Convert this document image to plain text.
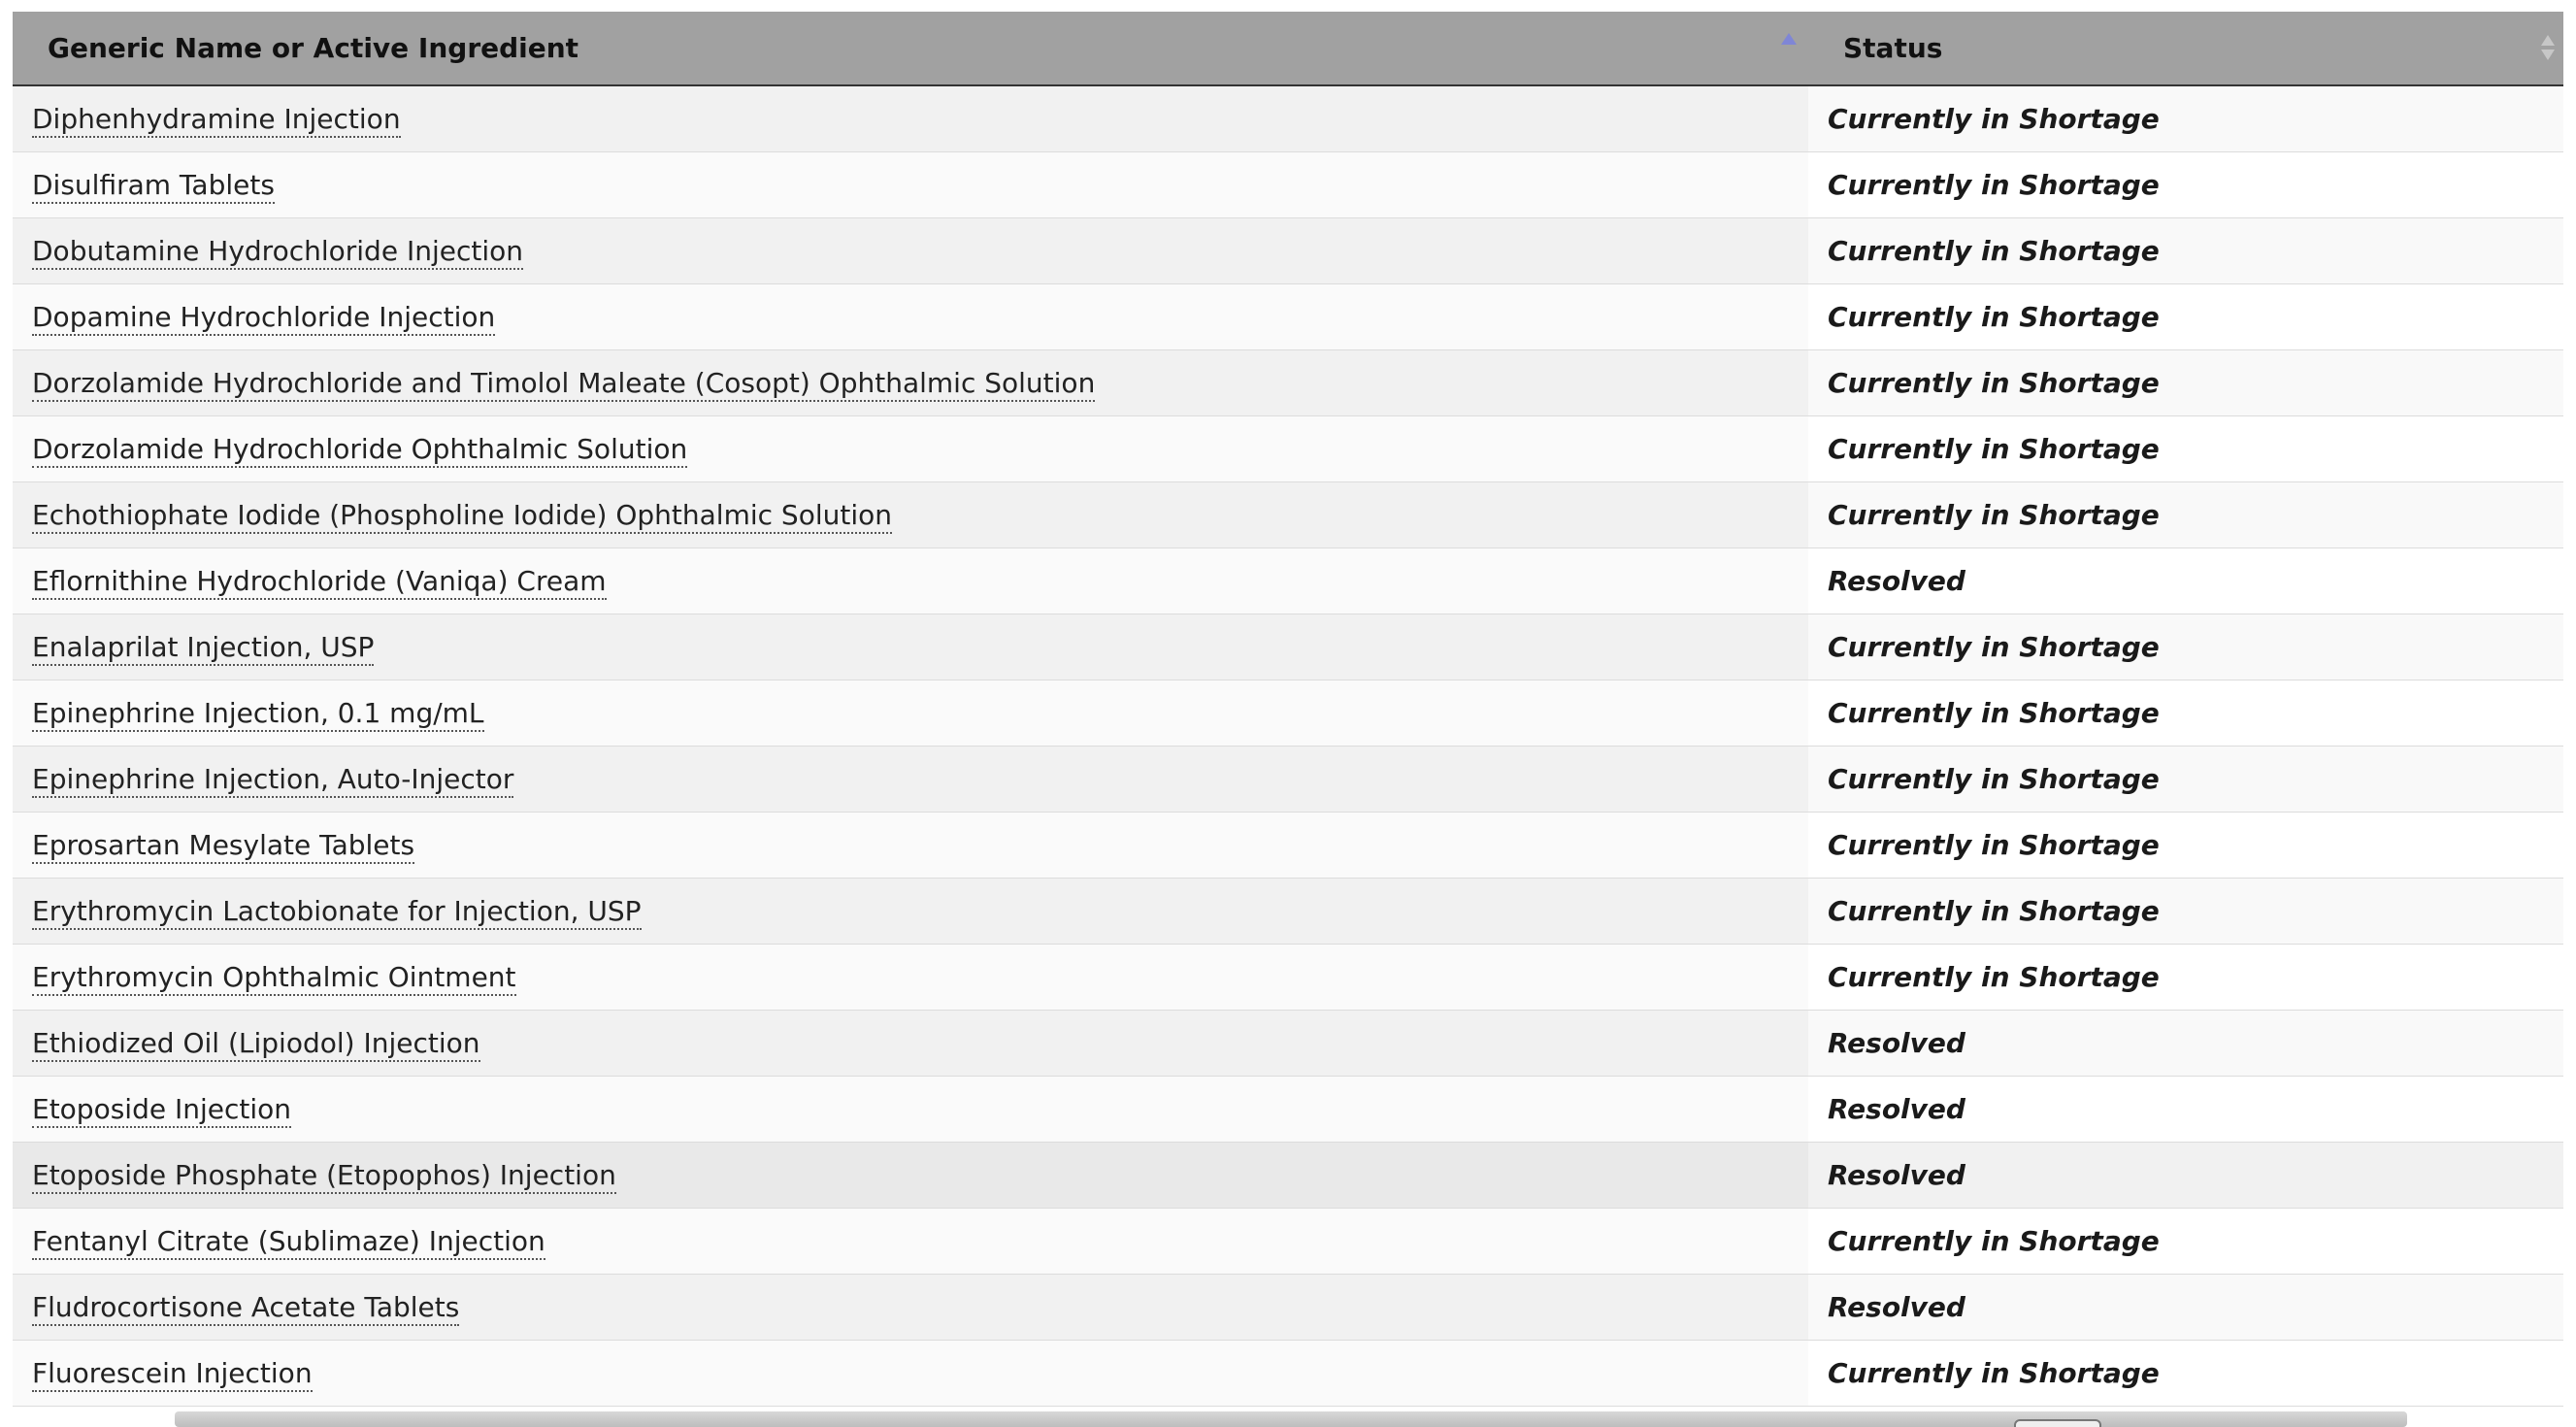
Generic Name or Active Ingredient	Status

Diphenhydramine Injection	Currently in Shortage
Disulfiram Tablets	Currently in Shortage
Dobutamine Hydrochloride Injection	Currently in Shortage
Dopamine Hydrochloride Injection	Currently in Shortage
Dorzolamide Hydrochloride and Timolol Maleate (Cosopt) Ophthalmic Solution	Currently in Shortage
Dorzolamide Hydrochloride Ophthalmic Solution	Currently in Shortage
Echothiophate Iodide (Phospholine Iodide) Ophthalmic Solution	Currently in Shortage
Eflornithine Hydrochloride (Vaniqa) Cream	Resolved
Enalaprilat Injection, USP	Currently in Shortage
Epinephrine Injection, 0.1 mg/mL	Currently in Shortage
Epinephrine Injection, Auto-Injector	Currently in Shortage
Eprosartan Mesylate Tablets	Currently in Shortage
Erythromycin Lactobionate for Injection, USP	Currently in Shortage
Erythromycin Ophthalmic Ointment	Currently in Shortage
Ethiodized Oil (Lipiodol) Injection	Resolved
Etoposide Injection	Resolved
Etoposide Phosphate (Etopophos) Injection	Resolved
Fentanyl Citrate (Sublimaze) Injection	Currently in Shortage
Fludrocortisone Acetate Tablets	Resolved
Fluorescein Injection	Currently in Shortage
